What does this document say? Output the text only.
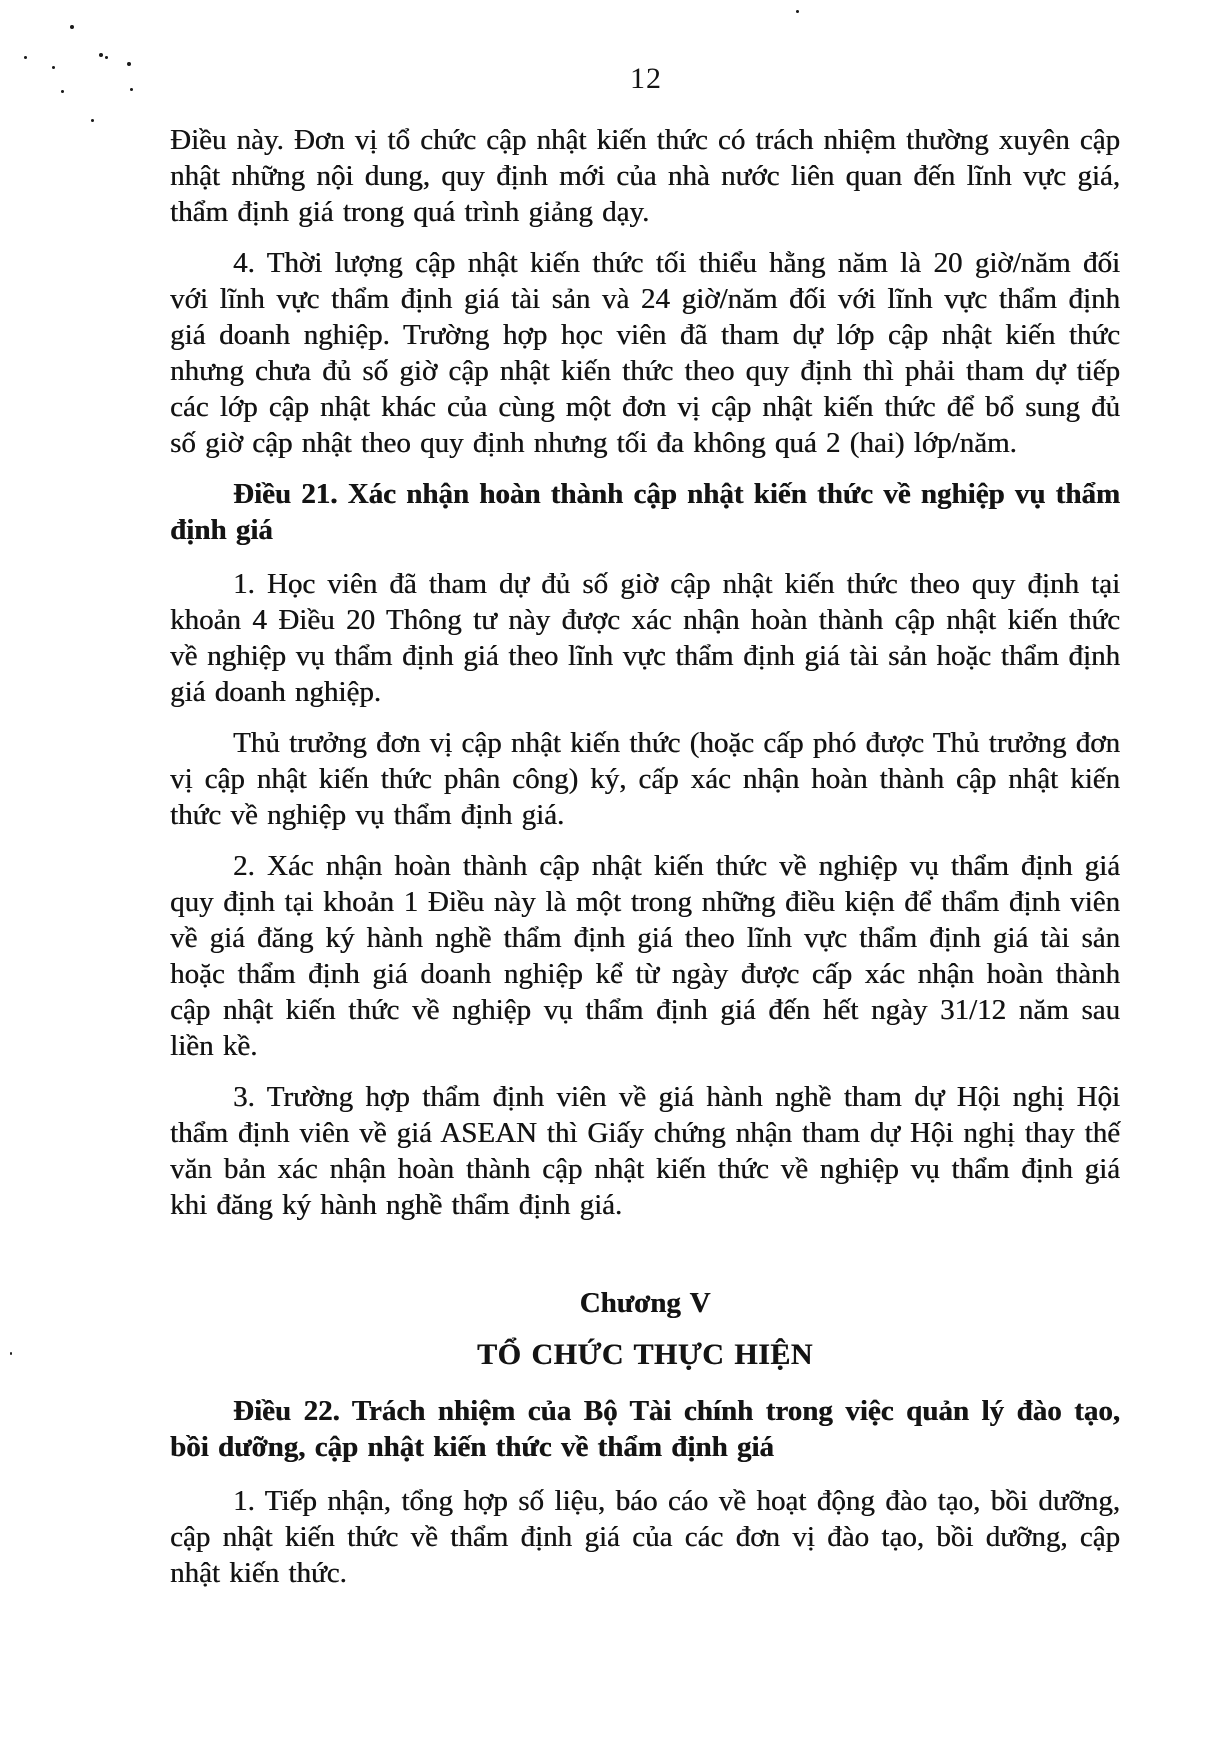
12

Điều này. Đơn vị tổ chức cập nhật kiến thức có trách nhiệm thường xuyên cập nhật những nội dung, quy định mới của nhà nước liên quan đến lĩnh vực giá, thẩm định giá trong quá trình giảng dạy.

4. Thời lượng cập nhật kiến thức tối thiểu hằng năm là 20 giờ/năm đối với lĩnh vực thẩm định giá tài sản và 24 giờ/năm đối với lĩnh vực thẩm định giá doanh nghiệp. Trường hợp học viên đã tham dự lớp cập nhật kiến thức nhưng chưa đủ số giờ cập nhật kiến thức theo quy định thì phải tham dự tiếp các lớp cập nhật khác của cùng một đơn vị cập nhật kiến thức để bổ sung đủ số giờ cập nhật theo quy định nhưng tối đa không quá 2 (hai) lớp/năm.

Điều 21. Xác nhận hoàn thành cập nhật kiến thức về nghiệp vụ thẩm định giá

1. Học viên đã tham dự đủ số giờ cập nhật kiến thức theo quy định tại khoản 4 Điều 20 Thông tư này được xác nhận hoàn thành cập nhật kiến thức về nghiệp vụ thẩm định giá theo lĩnh vực thẩm định giá tài sản hoặc thẩm định giá doanh nghiệp.

Thủ trưởng đơn vị cập nhật kiến thức (hoặc cấp phó được Thủ trưởng đơn vị cập nhật kiến thức phân công) ký, cấp xác nhận hoàn thành cập nhật kiến thức về nghiệp vụ thẩm định giá.

2. Xác nhận hoàn thành cập nhật kiến thức về nghiệp vụ thẩm định giá quy định tại khoản 1 Điều này là một trong những điều kiện để thẩm định viên về giá đăng ký hành nghề thẩm định giá theo lĩnh vực thẩm định giá tài sản hoặc thẩm định giá doanh nghiệp kể từ ngày được cấp xác nhận hoàn thành cập nhật kiến thức về nghiệp vụ thẩm định giá đến hết ngày 31/12 năm sau liền kề.

3. Trường hợp thẩm định viên về giá hành nghề tham dự Hội nghị Hội thẩm định viên về giá ASEAN thì Giấy chứng nhận tham dự Hội nghị thay thế văn bản xác nhận hoàn thành cập nhật kiến thức về nghiệp vụ thẩm định giá khi đăng ký hành nghề thẩm định giá.

Chương V

TỔ CHỨC THỰC HIỆN

Điều 22. Trách nhiệm của Bộ Tài chính trong việc quản lý đào tạo, bồi dưỡng, cập nhật kiến thức về thẩm định giá

1. Tiếp nhận, tổng hợp số liệu, báo cáo về hoạt động đào tạo, bồi dưỡng, cập nhật kiến thức về thẩm định giá của các đơn vị đào tạo, bồi dưỡng, cập nhật kiến thức.
